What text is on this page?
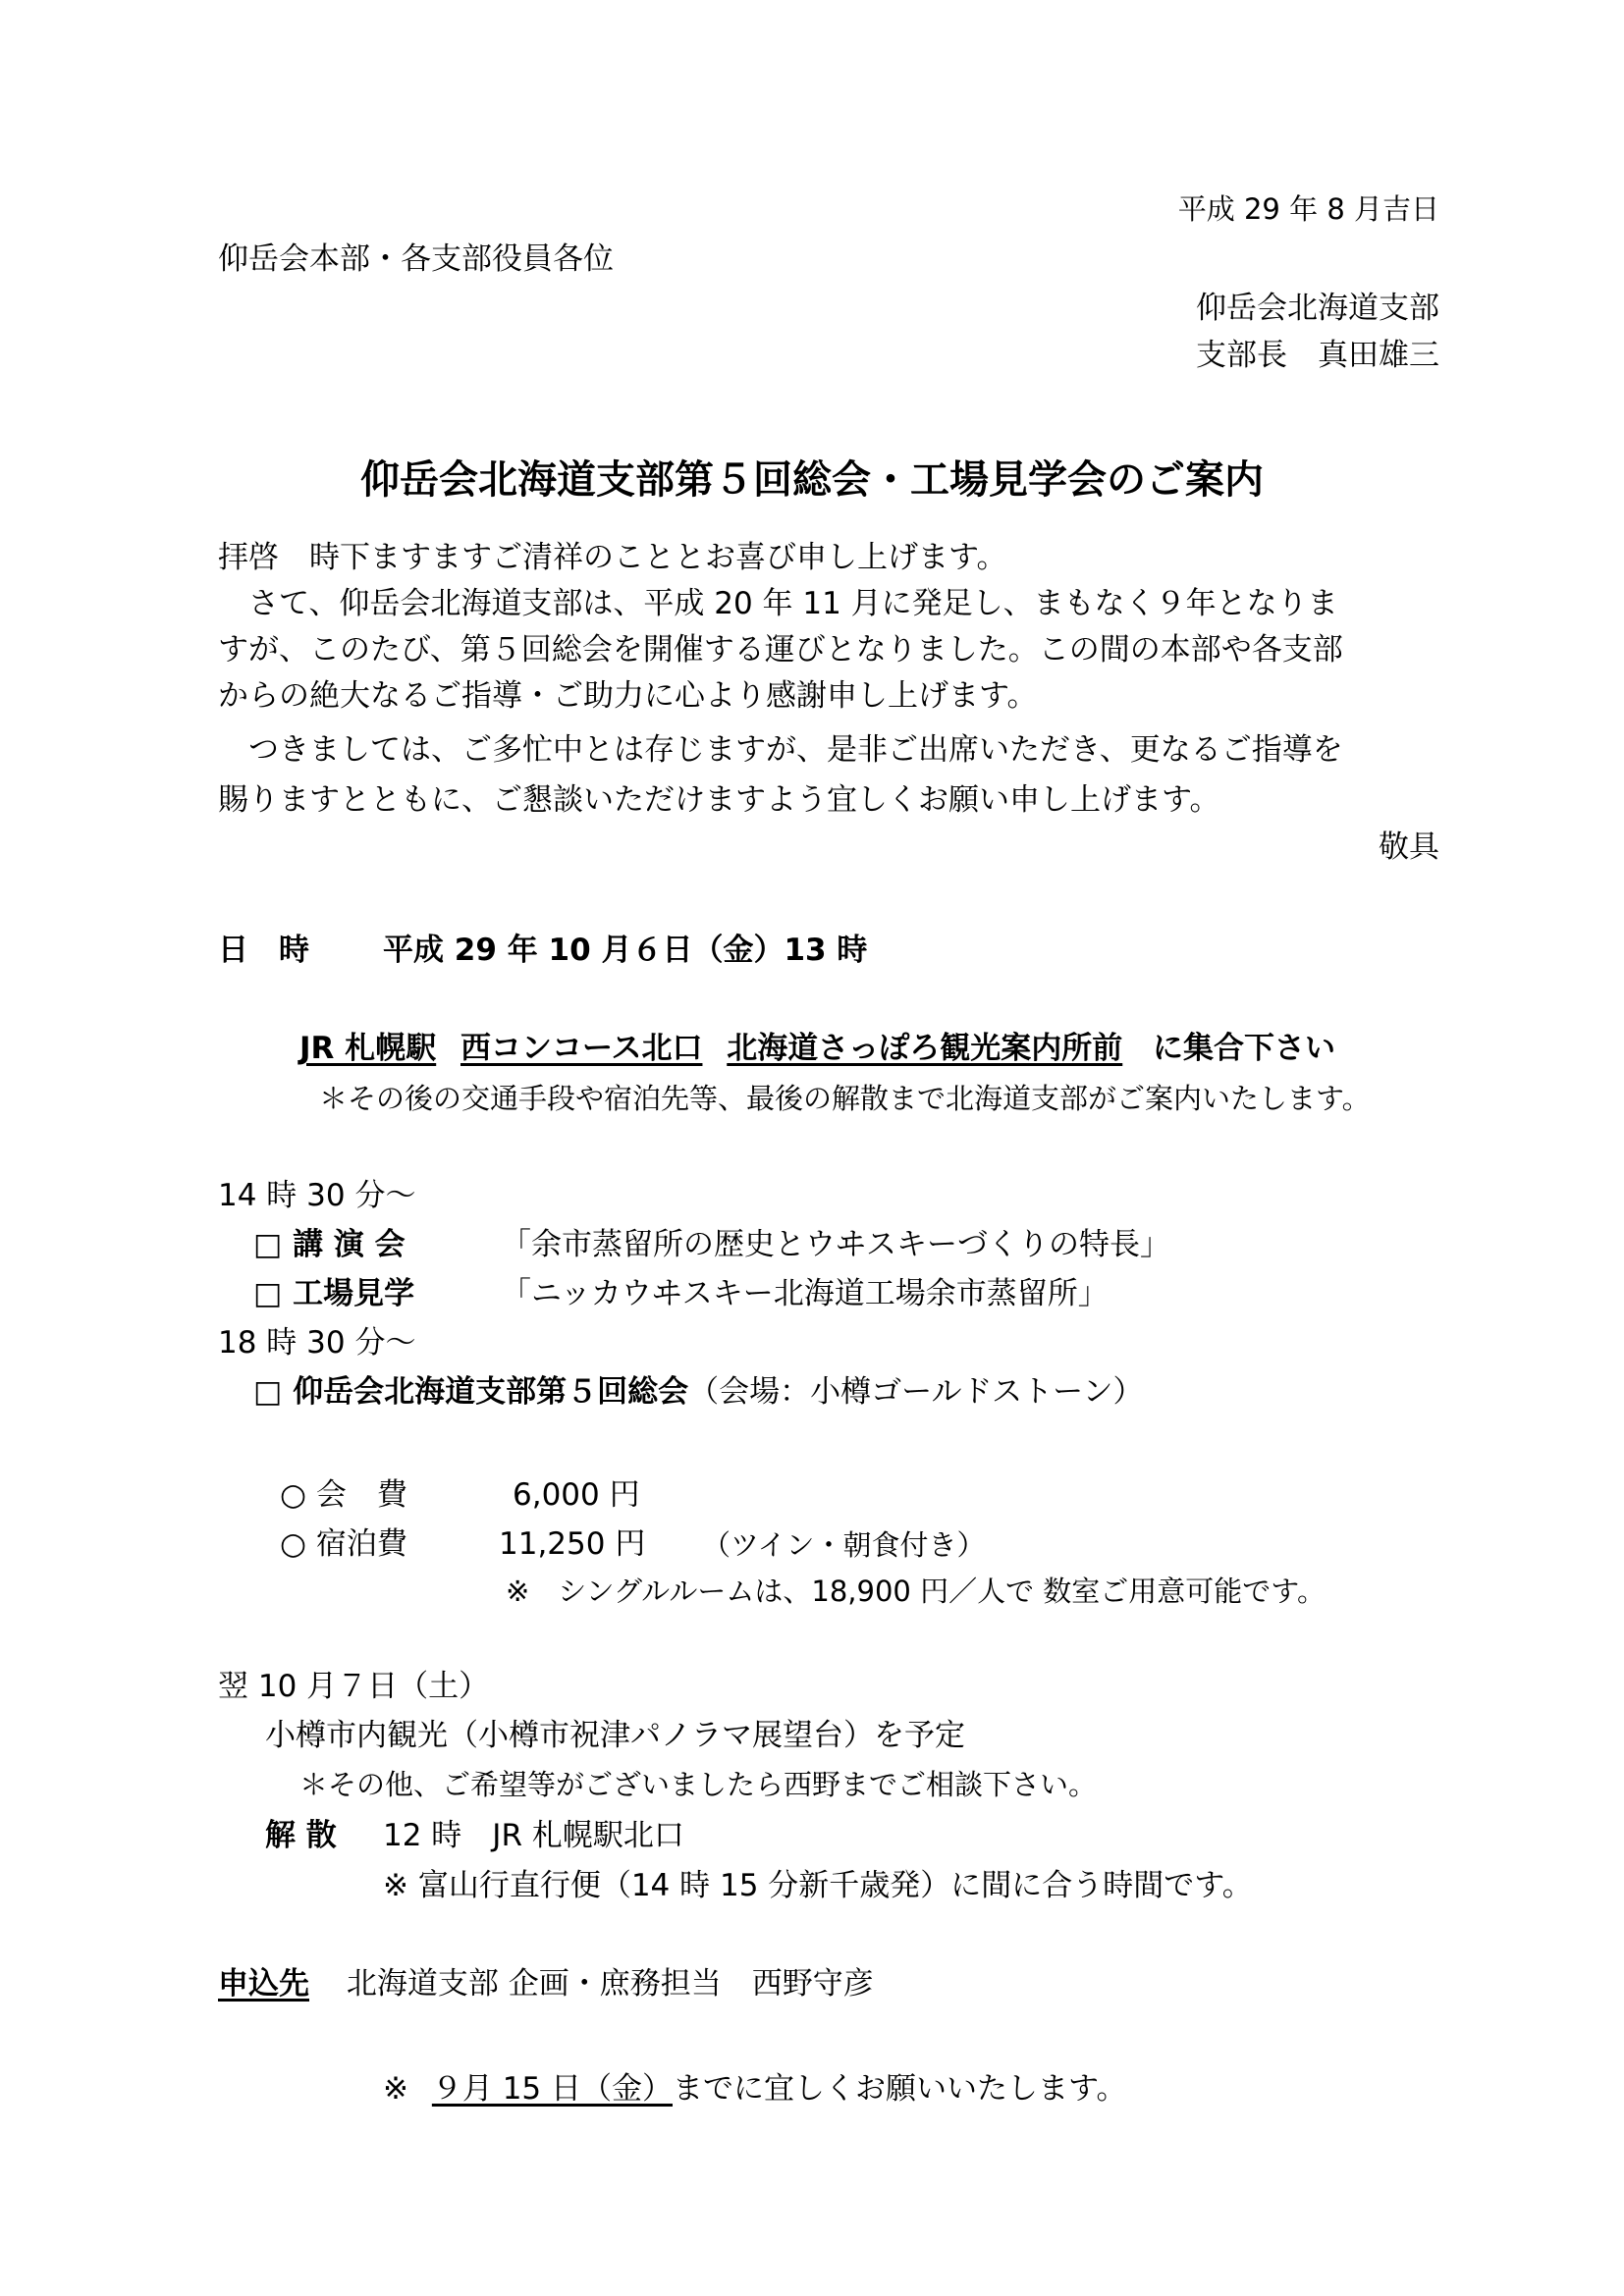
平成 29 年 8 月吉日

仰岳会本部・各支部役員各位

仰岳会北海道支部

支部長　真田雄三

仰岳会北海道支部第５回総会・工場見学会のご案内

拝啓　時下ますますご清祥のこととお喜び申し上げます。

　さて、仰岳会北海道支部は、平成 20 年 11 月に発足し、まもなく９年となりま

すが、このたび、第５回総会を開催する運びとなりました。この間の本部や各支部

からの絶大なるご指導・ご助力に心より感謝申し上げます。

　つきましては、ご多忙中とは存じますが、是非ご出席いただき、更なるご指導を

賜りますとともに、ご懇談いただけますよう宜しくお願い申し上げます。

敬具

日　時 平成 29 年 10 月６日（金）13 時

JR 札幌駅 西コンコース北口 北海道さっぽろ観光案内所前 に集合下さい

＊その後の交通手段や宿泊先等、最後の解散まで北海道支部がご案内いたします。

14 時 30 分～

□ 講 演 会	「余市蒸留所の歴史とウヰスキーづくりの特長」

□ 工場見学	「ニッカウヰスキー北海道工場余市蒸留所」

18 時 30 分～

□ 仰岳会北海道支部第５回総会（会場：小樽ゴールドストーン）

○ 会　費	6,000 円

○ 宿泊費	11,250 円 （ツイン・朝食付き）

※　シングルルームは、18,900 円／人で 数室ご用意可能です。

翌 10 月７日（土）

小樽市内観光（小樽市祝津パノラマ展望台）を予定

＊その他、ご希望等がございましたら西野までご相談下さい。

解 散 12 時　JR 札幌駅北口

※ 富山行直行便（14 時 15 分新千歳発）に間に合う時間です。

申込先 北海道支部 企画・庶務担当　西野守彦

※ ９月 15 日（金）までに宜しくお願いいたします。
